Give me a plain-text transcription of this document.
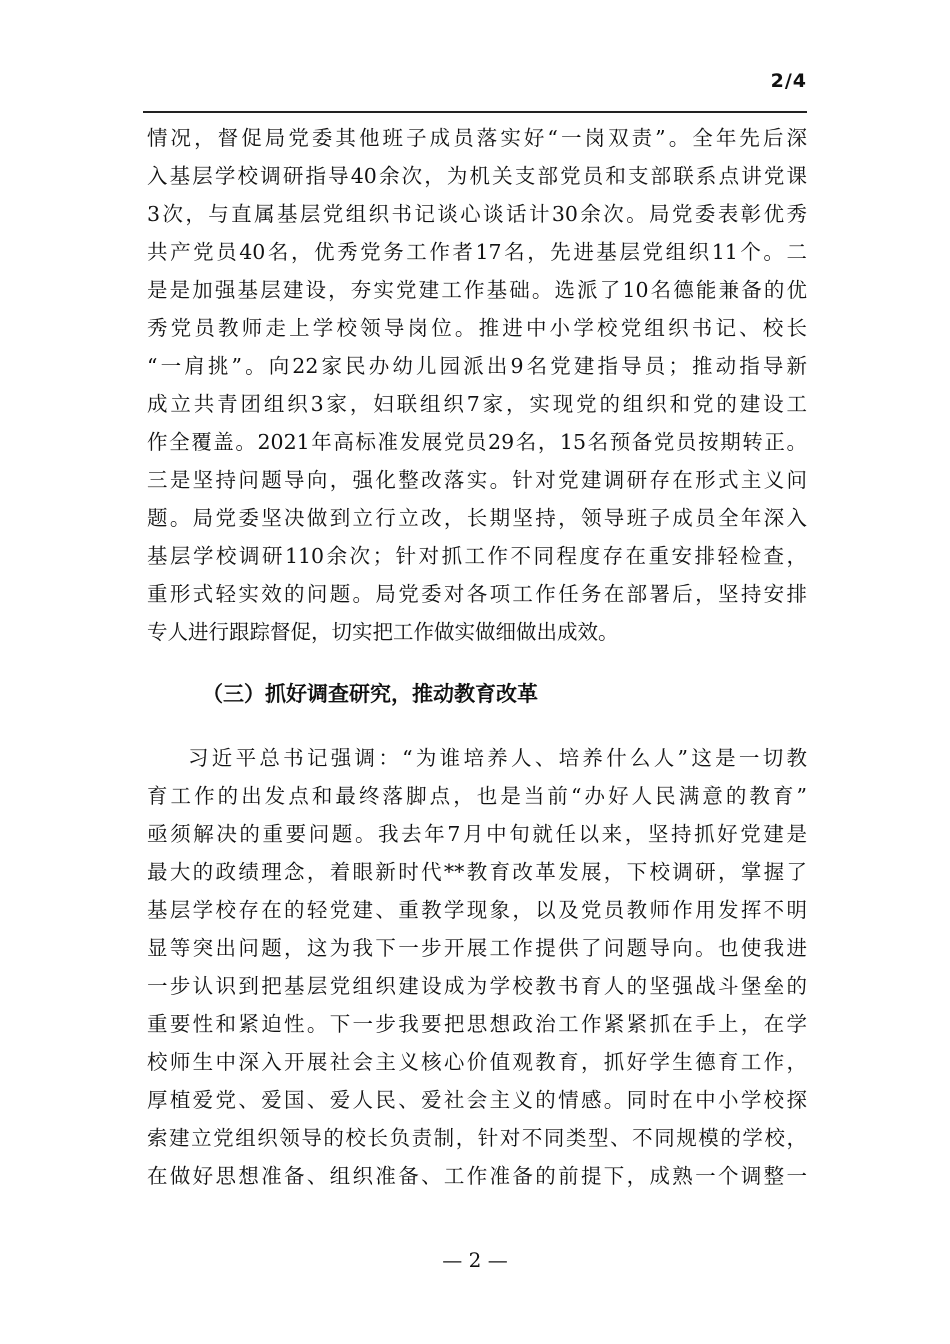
2/4
情况，督促局党委其他班子成员落实好“一岗双责”。全年先后深
入基层学校调研指导40余次，为机关支部党员和支部联系点讲党课
3次，与直属基层党组织书记谈心谈话计30余次。局党委表彰优秀
共产党员40名，优秀党务工作者17名，先进基层党组织11个。二
是是加强基层建设，夯实党建工作基础。选派了10名德能兼备的优
秀党员教师走上学校领导岗位。推进中小学校党组织书记、校长
“一肩挑”。向22家民办幼儿园派出9名党建指导员；推动指导新
成立共青团组织3家，妇联组织7家，实现党的组织和党的建设工
作全覆盖。2021年高标准发展党员29名，15名预备党员按期转正。
三是坚持问题导向，强化整改落实。针对党建调研存在形式主义问
题。局党委坚决做到立行立改，长期坚持，领导班子成员全年深入
基层学校调研110余次；针对抓工作不同程度存在重安排轻检查，
重形式轻实效的问题。局党委对各项工作任务在部署后，坚持安排
专人进行跟踪督促，切实把工作做实做细做出成效。
（三）抓好调查研究，推动教育改革
习近平总书记强调：“为谁培养人、培养什么人”这是一切教
育工作的出发点和最终落脚点，也是当前“办好人民满意的教育”
亟须解决的重要问题。我去年7月中旬就任以来，坚持抓好党建是
最大的政绩理念，着眼新时代**教育改革发展，下校调研，掌握了
基层学校存在的轻党建、重教学现象，以及党员教师作用发挥不明
显等突出问题，这为我下一步开展工作提供了问题导向。也使我进
一步认识到把基层党组织建设成为学校教书育人的坚强战斗堡垒的
重要性和紧迫性。下一步我要把思想政治工作紧紧抓在手上，在学
校师生中深入开展社会主义核心价值观教育，抓好学生德育工作，
厚植爱党、爱国、爱人民、爱社会主义的情感。同时在中小学校探
索建立党组织领导的校长负责制，针对不同类型、不同规模的学校，
在做好思想准备、组织准备、工作准备的前提下，成熟一个调整一
— 2 —
